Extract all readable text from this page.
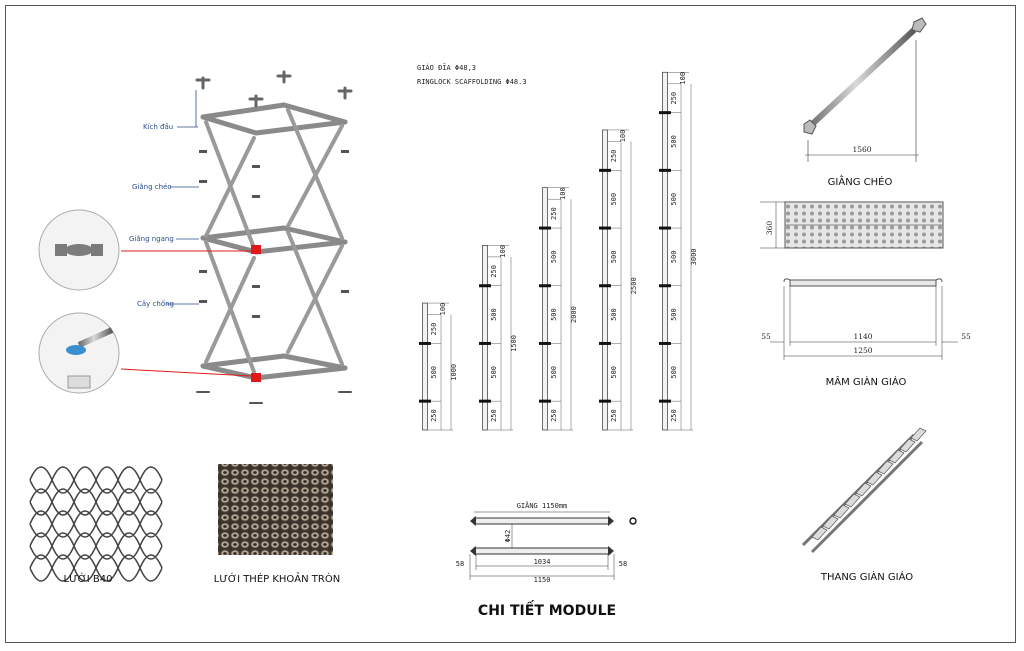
Kích đầu
Giằng chéo
Giằng ngang
Cây chống
GIÁO ĐĨA Φ48,3
RINGLOCK SCAFFOLDING Φ48.3
250
500
250
100
1000
250
500
500
250
100
1500
250
500
500
500
250
100
2000
250
500
500
500
500
250
100
2500
250
500
500
500
500
500
250
100
3000
1560
GIẰNG CHÉO
360
1140
1250
55	55
MÂM GIÀN GIÁO
THANG GIÀN GIÁO
GIẰNG 1150mm
Φ42
1034
1150
58	58
LƯỚI B40	LƯỚI THÉP KHOẢN TRÒN
CHI TIẾT MODULE
